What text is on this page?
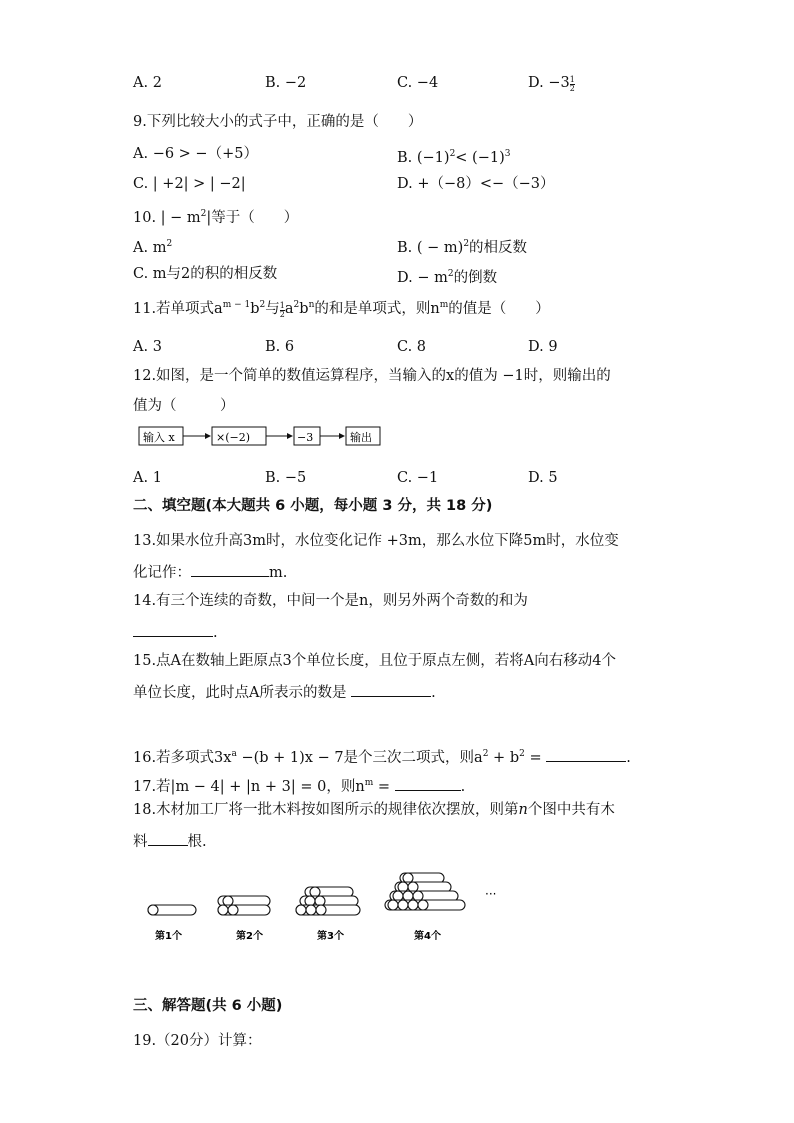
A. 2	B. −2	C. −4	D. $-3 \frac{1}{2}$
9.下列比较大小的式子中，正确的是（　　）
A. −6 > −（+5）	B. $(-1)^2< (-1)^3$
C. | +2| > | −2|	D. +（−8）<−（−3）
10. | − $m^2|$等于（　　）
A. $m^2$	B. ( − m)$^2$的相反数
C. m与2的积的相反数	D. − $m^2$的倒数
11.若单项式$a^{m - 1}b^2$与 $\frac{1}{2} a^2b^n$的和是单项式，则$n^m$的值是（　　）
A. 3	B. 6	C. 8	D. 9
12.如图，是一个简单的数值运算程序，当输入的x的值为 −1时，则输出的
值为（　　　）
输入 x	×(−2)	−3	输出
A. 1	B. −5	C. −1	D. 5
二、填空题(本大题共 6 小题，每小题 3 分，共 18 分)
13.如果水位升高3m时，水位变化记作 +3m，那么水位下降5m时，水位变
化记作：	m.
14.有三个连续的奇数，中间一个是n，则另外两个奇数的和为
.
15.点A在数轴上距原点3个单位长度，且位于原点左侧，若将A向右移动4个
单位长度，此时点A所表示的数是	.
16.若多项式$3x^a -(b + 1)x - 7$是个三次二项式，则$a^2 + b^2$ =	.
17.若|m − 4| + |n + 3| = 0，则$n^m$ =	.
18.木材加工厂将一批木料按如图所示的规律依次摆放，则第𝑛个图中共有木
料	根.
···
第1个	第2个	第3个	第4个
三、解答题(共 6 小题)
19.（20分）计算：
